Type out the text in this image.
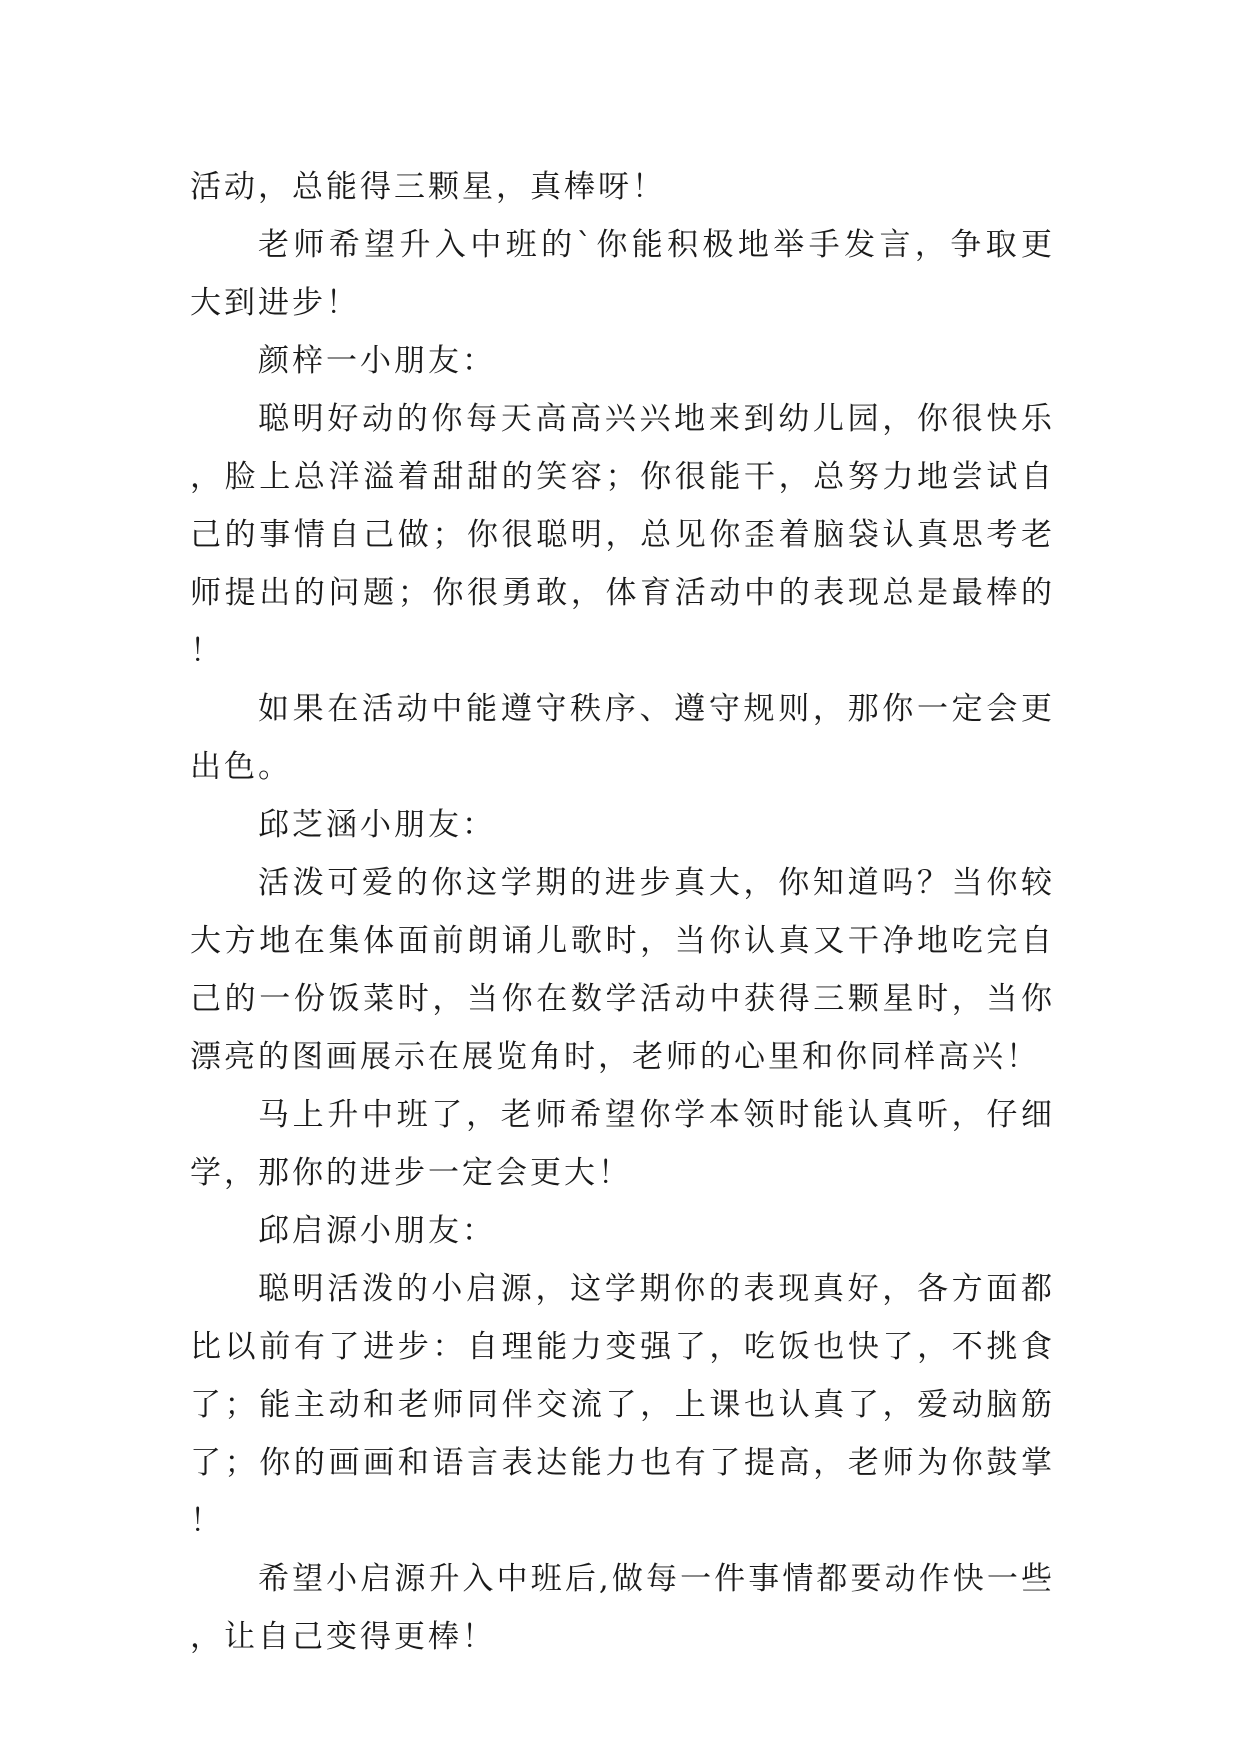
活动，总能得三颗星，真棒呀！

老师希望升入中班的`你能积极地举手发言，争取更大到进步！

颜梓一小朋友：

聪明好动的你每天高高兴兴地来到幼儿园，你很快乐，脸上总洋溢着甜甜的笑容；你很能干，总努力地尝试自己的事情自己做；你很聪明，总见你歪着脑袋认真思考老师提出的问题；你很勇敢，体育活动中的表现总是最棒的！

如果在活动中能遵守秩序、遵守规则，那你一定会更出色。

邱芝涵小朋友：

活泼可爱的你这学期的进步真大，你知道吗？当你较大方地在集体面前朗诵儿歌时，当你认真又干净地吃完自己的一份饭菜时，当你在数学活动中获得三颗星时，当你漂亮的图画展示在展览角时，老师的心里和你同样高兴！

马上升中班了，老师希望你学本领时能认真听，仔细学，那你的进步一定会更大！

邱启源小朋友：

聪明活泼的小启源，这学期你的表现真好，各方面都比以前有了进步：自理能力变强了，吃饭也快了，不挑食了；能主动和老师同伴交流了，上课也认真了，爱动脑筋了；你的画画和语言表达能力也有了提高，老师为你鼓掌！

希望小启源升入中班后,做每一件事情都要动作快一些，让自己变得更棒！
